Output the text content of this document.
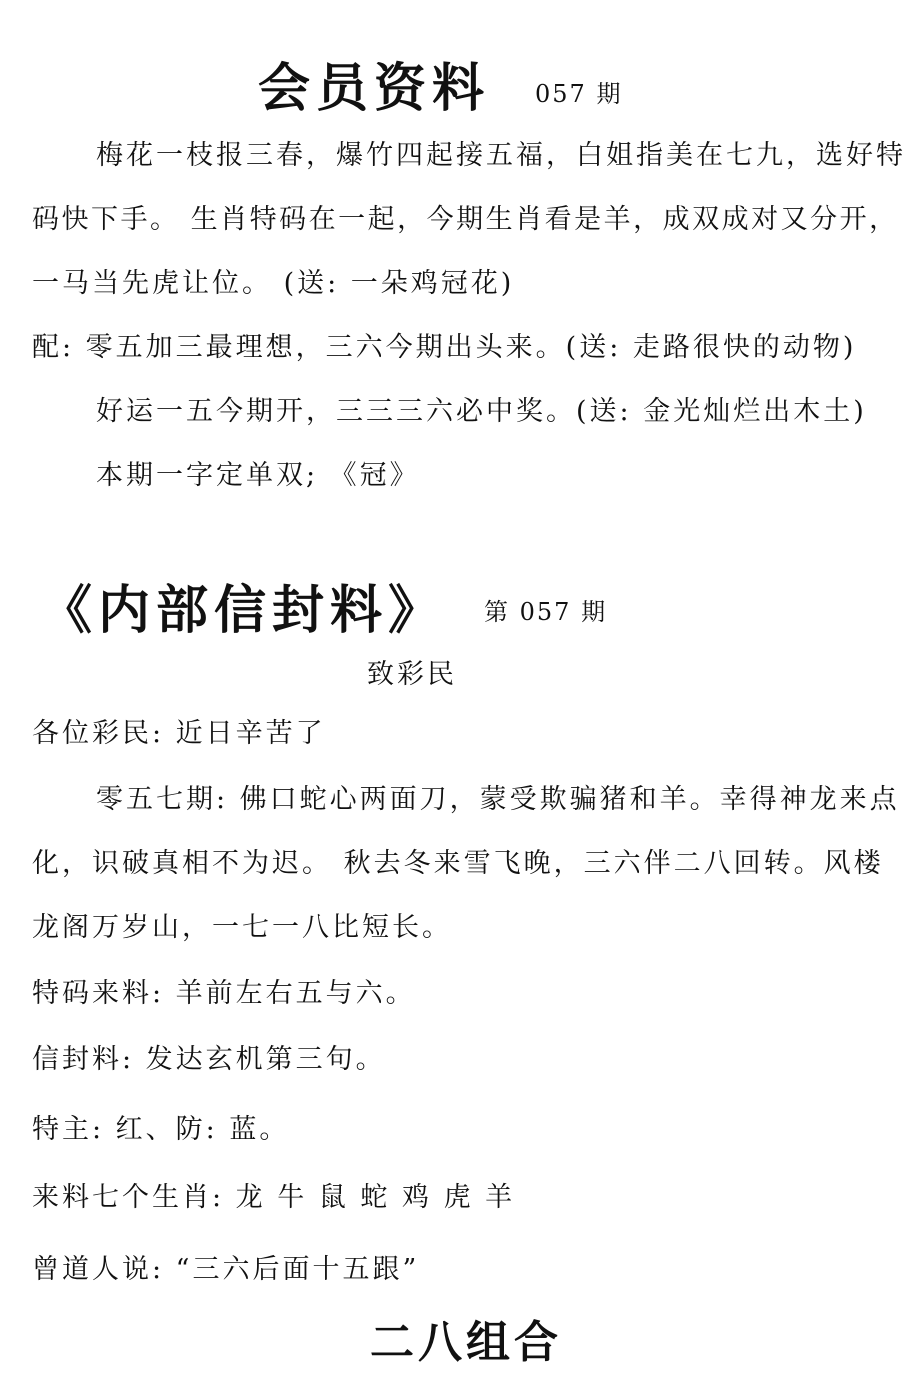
会员资料 057 期
梅花一枝报三春，爆竹四起接五福，白姐指美在七九，选好特
码快下手。 生肖特码在一起，今期生肖看是羊，成双成对又分开，
一马当先虎让位。 (送: 一朵鸡冠花)
配: 零五加三最理想，三六今期出头来。(送: 走路很快的动物)
好运一五今期开，三三三六必中奖。(送: 金光灿烂出木土)
本期一字定单双; 《冠》
《内部信封料》 第 057 期
致彩民
各位彩民: 近日辛苦了
零五七期: 佛口蛇心两面刀，蒙受欺骗猪和羊。幸得神龙来点
化，识破真相不为迟。 秋去冬来雪飞晚，三六伴二八回转。风楼
龙阁万岁山，一七一八比短长。
特码来料: 羊前左右五与六。
信封料: 发达玄机第三句。
特主: 红、防: 蓝。
来料七个生肖: 龙 牛 鼠 蛇 鸡 虎 羊
曾道人说: “三六后面十五跟”
二八组合
